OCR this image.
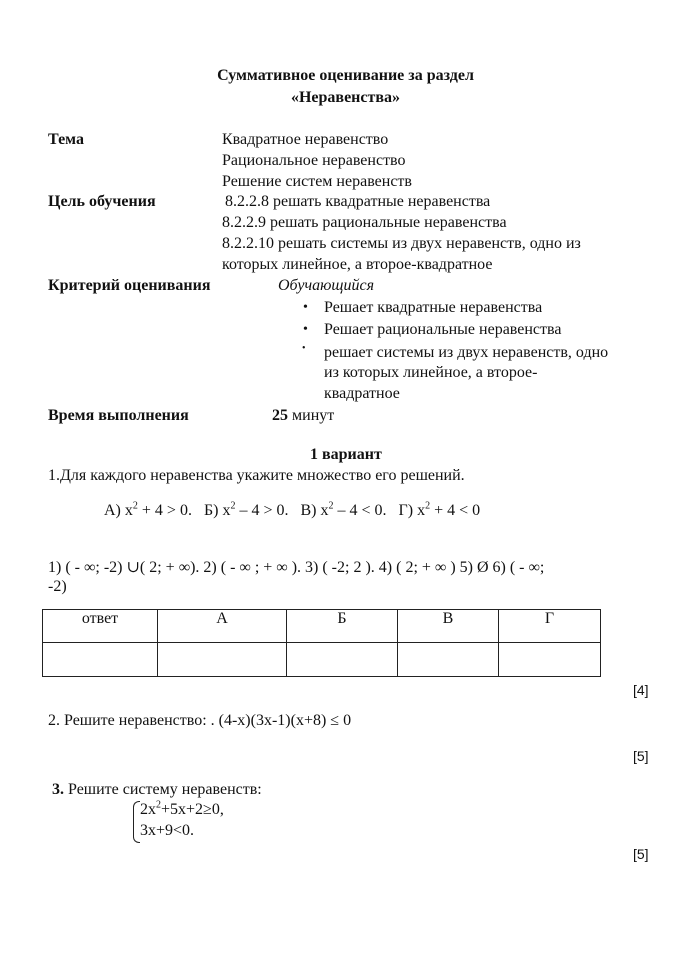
Суммативное оценивание за раздел
«Неравенства»
Тема	Квадратное неравенство
Рациональное неравенство
Решение систем неравенств
Цель обучения	8.2.2.8 решать квадратные неравенства
8.2.2.9 решать рациональные неравенства
8.2.2.10 решать системы из двух неравенств, одно из
которых линейное, а второе-квадратное
Критерий оценивания	Обучающийся
• Решает квадратные неравенства
• Решает рациональные неравенства
• решает системы из двух неравенств, одно
из которых линейное, а второе-
квадратное
Время выполнения	25 минут
1 вариант
1.Для каждого неравенства укажите множество его решений.
А) $x^2 + 4 > 0$. Б) $x^2 - 4 > 0$. В) $x^2 - 4 < 0$. Г) $x^2 + 4 < 0$
1) ( - ∞; -2) ∪( 2; + ∞). 2) ( - ∞ ; + ∞ ). 3) ( -2; 2 ). 4) ( 2; + ∞ ) 5) Ø 6) ( - ∞;
-2)
ответ	А	Б	В	Г

[4]
2. Решите неравенство: . (4-x)(3x-1)(x+8) ≤ 0
[5]
3. Решите систему неравенств:
$2x^2+5x+2\ge 0$,
3x+9<0.
[5]
